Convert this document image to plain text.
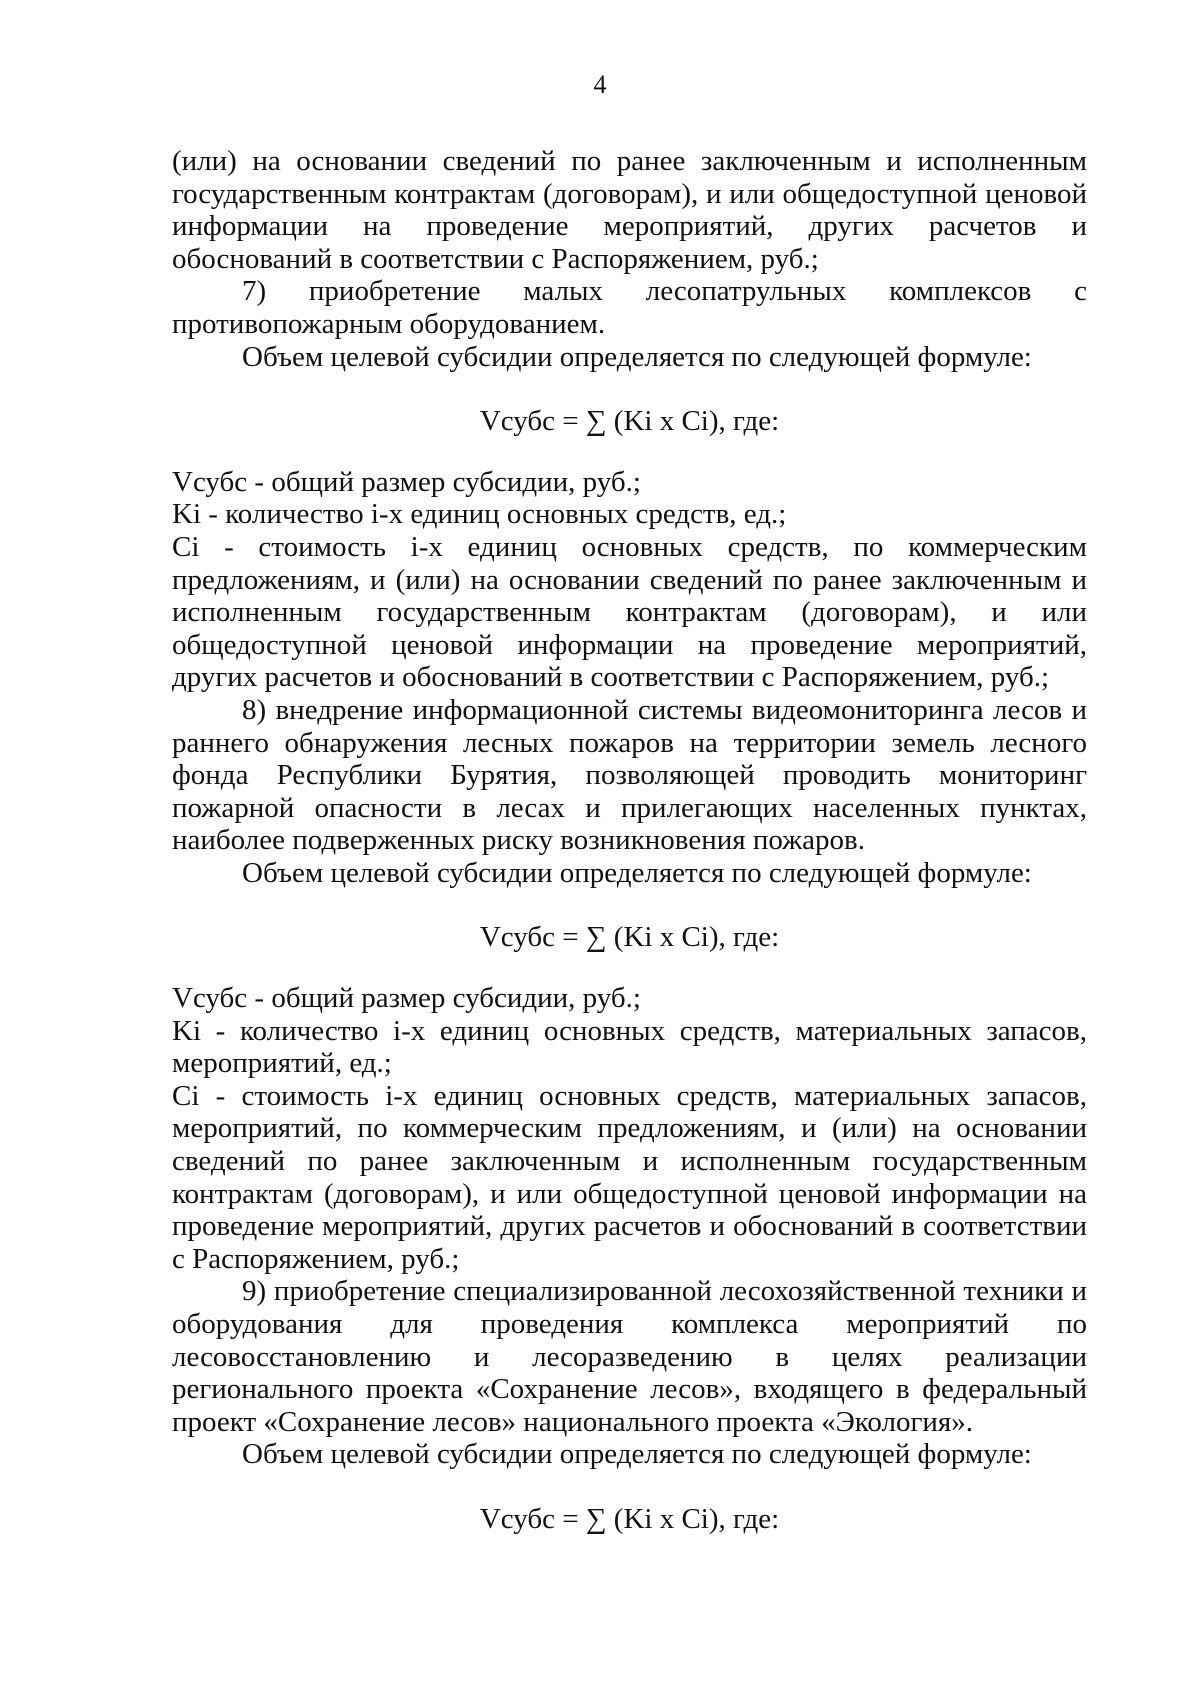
4

(или) на основании сведений по ранее заключенным и исполненным государственным контрактам (договорам), и или общедоступной ценовой информации на проведение мероприятий, других расчетов и обоснований в соответствии с Распоряжением, руб.;

7) приобретение малых лесопатрульных комплексов с противопожарным оборудованием.

Объем целевой субсидии определяется по следующей формуле:

Vсубс = ∑ (Ki x Ci), где:

Vсубс - общий размер субсидии, руб.;

Ki - количество i-х единиц основных средств, ед.;

Ci - стоимость i-х единиц основных средств, по коммерческим предложениям, и (или) на основании сведений по ранее заключенным и исполненным государственным контрактам (договорам), и или общедоступной ценовой информации на проведение мероприятий, других расчетов и обоснований в соответствии с Распоряжением, руб.;

8) внедрение информационной системы видеомониторинга лесов и раннего обнаружения лесных пожаров на территории земель лесного фонда Республики Бурятия, позволяющей проводить мониторинг пожарной опасности в лесах и прилегающих населенных пунктах, наиболее подверженных риску возникновения пожаров.

Объем целевой субсидии определяется по следующей формуле:

Vсубс = ∑ (Ki x Ci), где:

Vсубс - общий размер субсидии, руб.;

Ki - количество i-х единиц основных средств, материальных запасов, мероприятий, ед.;

Ci - стоимость i-х единиц основных средств, материальных запасов, мероприятий, по коммерческим предложениям, и (или) на основании сведений по ранее заключенным и исполненным государственным контрактам (договорам), и или общедоступной ценовой информации на проведение мероприятий, других расчетов и обоснований в соответствии с Распоряжением, руб.;

9) приобретение специализированной лесохозяйственной техники и оборудования для проведения комплекса мероприятий по лесовосстановлению и лесоразведению в целях реализации регионального проекта «Сохранение лесов», входящего в федеральный проект «Сохранение лесов» национального проекта «Экология».

Объем целевой субсидии определяется по следующей формуле:

Vсубс = ∑ (Ki x Ci), где:
